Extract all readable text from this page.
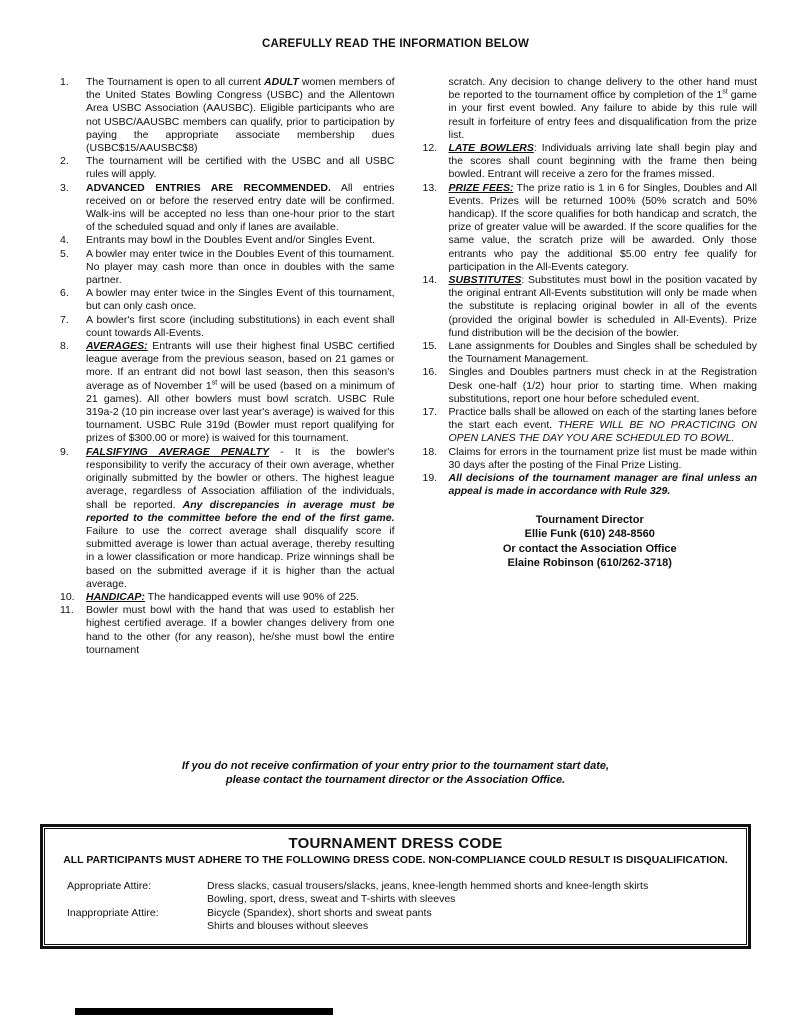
CAREFULLY READ THE INFORMATION BELOW
1.	The Tournament is open to all current ADULT women members of the United States Bowling Congress (USBC) and the Allentown Area USBC Association (AAUSBC). Eligible participants who are not USBC/AAUSBC members can qualify, prior to participation by paying the appropriate associate membership dues (USBC$15/AAUSBC$8)
2.	The tournament will be certified with the USBC and all USBC rules will apply.
3.	ADVANCED ENTRIES ARE RECOMMENDED. All entries received on or before the reserved entry date will be confirmed. Walk-ins will be accepted no less than one-hour prior to the start of the scheduled squad and only if lanes are available.
4.	Entrants may bowl in the Doubles Event and/or Singles Event.
5.	A bowler may enter twice in the Doubles Event of this tournament. No player may cash more than once in doubles with the same partner.
6.	A bowler may enter twice in the Singles Event of this tournament, but can only cash once.
7.	A bowler's first score (including substitutions) in each event shall count towards All-Events.
8.	AVERAGES: Entrants will use their highest final USBC certified league average from the previous season, based on 21 games or more. If an entrant did not bowl last season, then this season's average as of November 1st will be used (based on a minimum of 21 games). All other bowlers must bowl scratch. USBC Rule 319a-2 (10 pin increase over last year's average) is waived for this tournament. USBC Rule 319d (Bowler must report qualifying for prizes of $300.00 or more) is waived for this tournament.
9.	FALSIFYING AVERAGE PENALTY - It is the bowler's responsibility to verify the accuracy of their own average, whether originally submitted by the bowler or others. The highest league average, regardless of Association affiliation of the individuals, shall be reported. Any discrepancies in average must be reported to the committee before the end of the first game. Failure to use the correct average shall disqualify score if submitted average is lower than actual average, thereby resulting in a lower classification or more handicap. Prize winnings shall be based on the submitted average if it is higher than the actual average.
10.	HANDICAP: The handicapped events will use 90% of 225.
11.	Bowler must bowl with the hand that was used to establish her highest certified average. If a bowler changes delivery from one hand to the other (for any reason), he/she must bowl the entire tournament
scratch. Any decision to change delivery to the other hand must be reported to the tournament office by completion of the 1st game in your first event bowled. Any failure to abide by this rule will result in forfeiture of entry fees and disqualification from the prize list.
12.	LATE BOWLERS: Individuals arriving late shall begin play and the scores shall count beginning with the frame then being bowled. Entrant will receive a zero for the frames missed.
13.	PRIZE FEES: The prize ratio is 1 in 6 for Singles, Doubles and All Events. Prizes will be returned 100% (50% scratch and 50% handicap). If the score qualifies for both handicap and scratch, the prize of greater value will be awarded. If the score qualifies for the same value, the scratch prize will be awarded. Only those entrants who pay the additional $5.00 entry fee qualify for participation in the All-Events category.
14.	SUBSTITUTES: Substitutes must bowl in the position vacated by the original entrant All-Events substitution will only be made when the substitute is replacing original bowler in all of the events (provided the original bowler is scheduled in All-Events). Prize fund distribution will be the decision of the bowler.
15.	Lane assignments for Doubles and Singles shall be scheduled by the Tournament Management.
16.	Singles and Doubles partners must check in at the Registration Desk one-half (1/2) hour prior to starting time. When making substitutions, report one hour before scheduled event.
17.	Practice balls shall be allowed on each of the starting lanes before the start each event. THERE WILL BE NO PRACTICING ON OPEN LANES THE DAY YOU ARE SCHEDULED TO BOWL.
18.	Claims for errors in the tournament prize list must be made within 30 days after the posting of the Final Prize Listing.
19.	All decisions of the tournament manager are final unless an appeal is made in accordance with Rule 329.
Tournament Director
Ellie Funk (610) 248-8560
Or contact the Association Office
Elaine Robinson (610/262-3718)
If you do not receive confirmation of your entry prior to the tournament start date,
please contact the tournament director or the Association Office.
TOURNAMENT DRESS CODE
ALL PARTICIPANTS MUST ADHERE TO THE FOLLOWING DRESS CODE. NON-COMPLIANCE COULD RESULT IS DISQUALIFICATION.
Appropriate Attire:	Dress slacks, casual trousers/slacks, jeans, knee-length hemmed shorts and knee-length skirts
Bowling, sport, dress, sweat and T-shirts with sleeves
Inappropriate Attire:	Bicycle (Spandex), short shorts and sweat pants
Shirts and blouses without sleeves
